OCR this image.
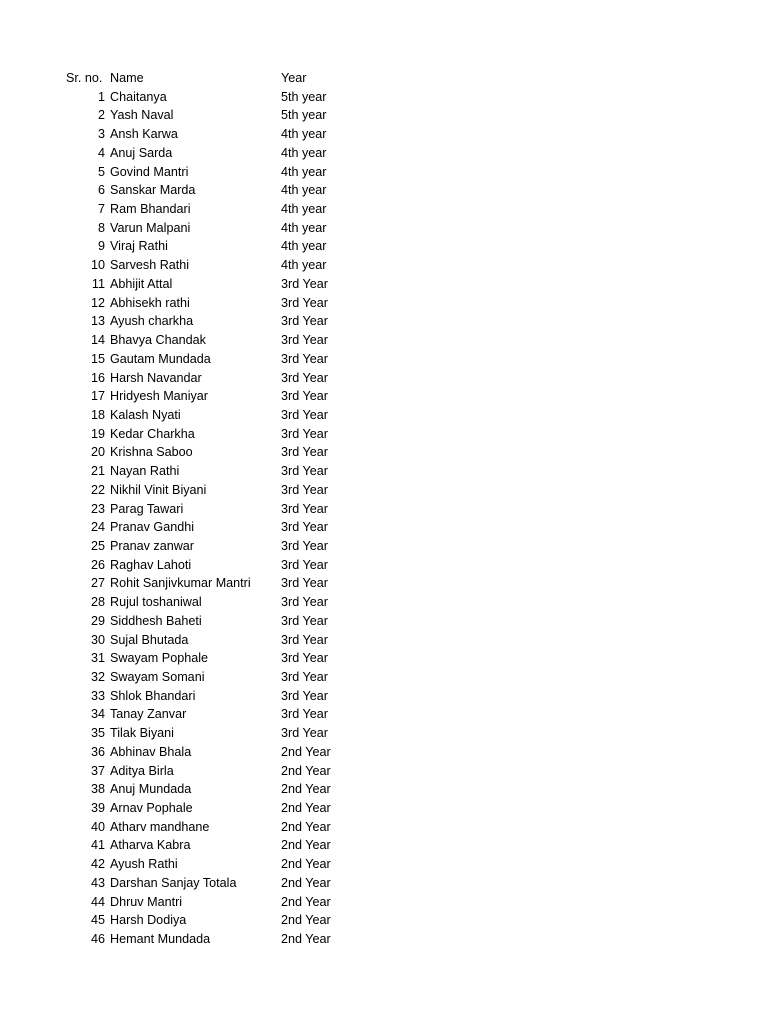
Sr. no. Name	Year
1 Chaitanya	5th year
2 Yash Naval	5th year
3 Ansh Karwa	4th year
4 Anuj Sarda	4th year
5 Govind Mantri	4th year
6 Sanskar Marda	4th year
7 Ram Bhandari	4th year
8 Varun Malpani	4th year
9 Viraj Rathi	4th year
10 Sarvesh Rathi	4th year
11 Abhijit Attal	3rd Year
12 Abhisekh rathi	3rd Year
13 Ayush charkha	3rd Year
14 Bhavya Chandak	3rd Year
15 Gautam Mundada	3rd Year
16 Harsh Navandar	3rd Year
17 Hridyesh Maniyar	3rd Year
18 Kalash Nyati	3rd Year
19 Kedar Charkha	3rd Year
20 Krishna Saboo	3rd Year
21 Nayan Rathi	3rd Year
22 Nikhil Vinit Biyani	3rd Year
23 Parag Tawari	3rd Year
24 Pranav Gandhi	3rd Year
25 Pranav zanwar	3rd Year
26 Raghav Lahoti	3rd Year
27 Rohit Sanjivkumar Mantri 3rd Year
28 Rujul toshaniwal	3rd Year
29 Siddhesh Baheti	3rd Year
30 Sujal Bhutada	3rd Year
31 Swayam Pophale	3rd Year
32 Swayam Somani	3rd Year
33 Shlok Bhandari	3rd Year
34 Tanay Zanvar	3rd Year
35 Tilak Biyani	3rd Year
36 Abhinav Bhala	2nd Year
37 Aditya Birla	2nd Year
38 Anuj Mundada	2nd Year
39 Arnav Pophale	2nd Year
40 Atharv mandhane	2nd Year
41 Atharva Kabra	2nd Year
42 Ayush Rathi	2nd Year
43 Darshan Sanjay Totala	2nd Year
44 Dhruv Mantri	2nd Year
45 Harsh Dodiya	2nd Year
46 Hemant Mundada	2nd Year
